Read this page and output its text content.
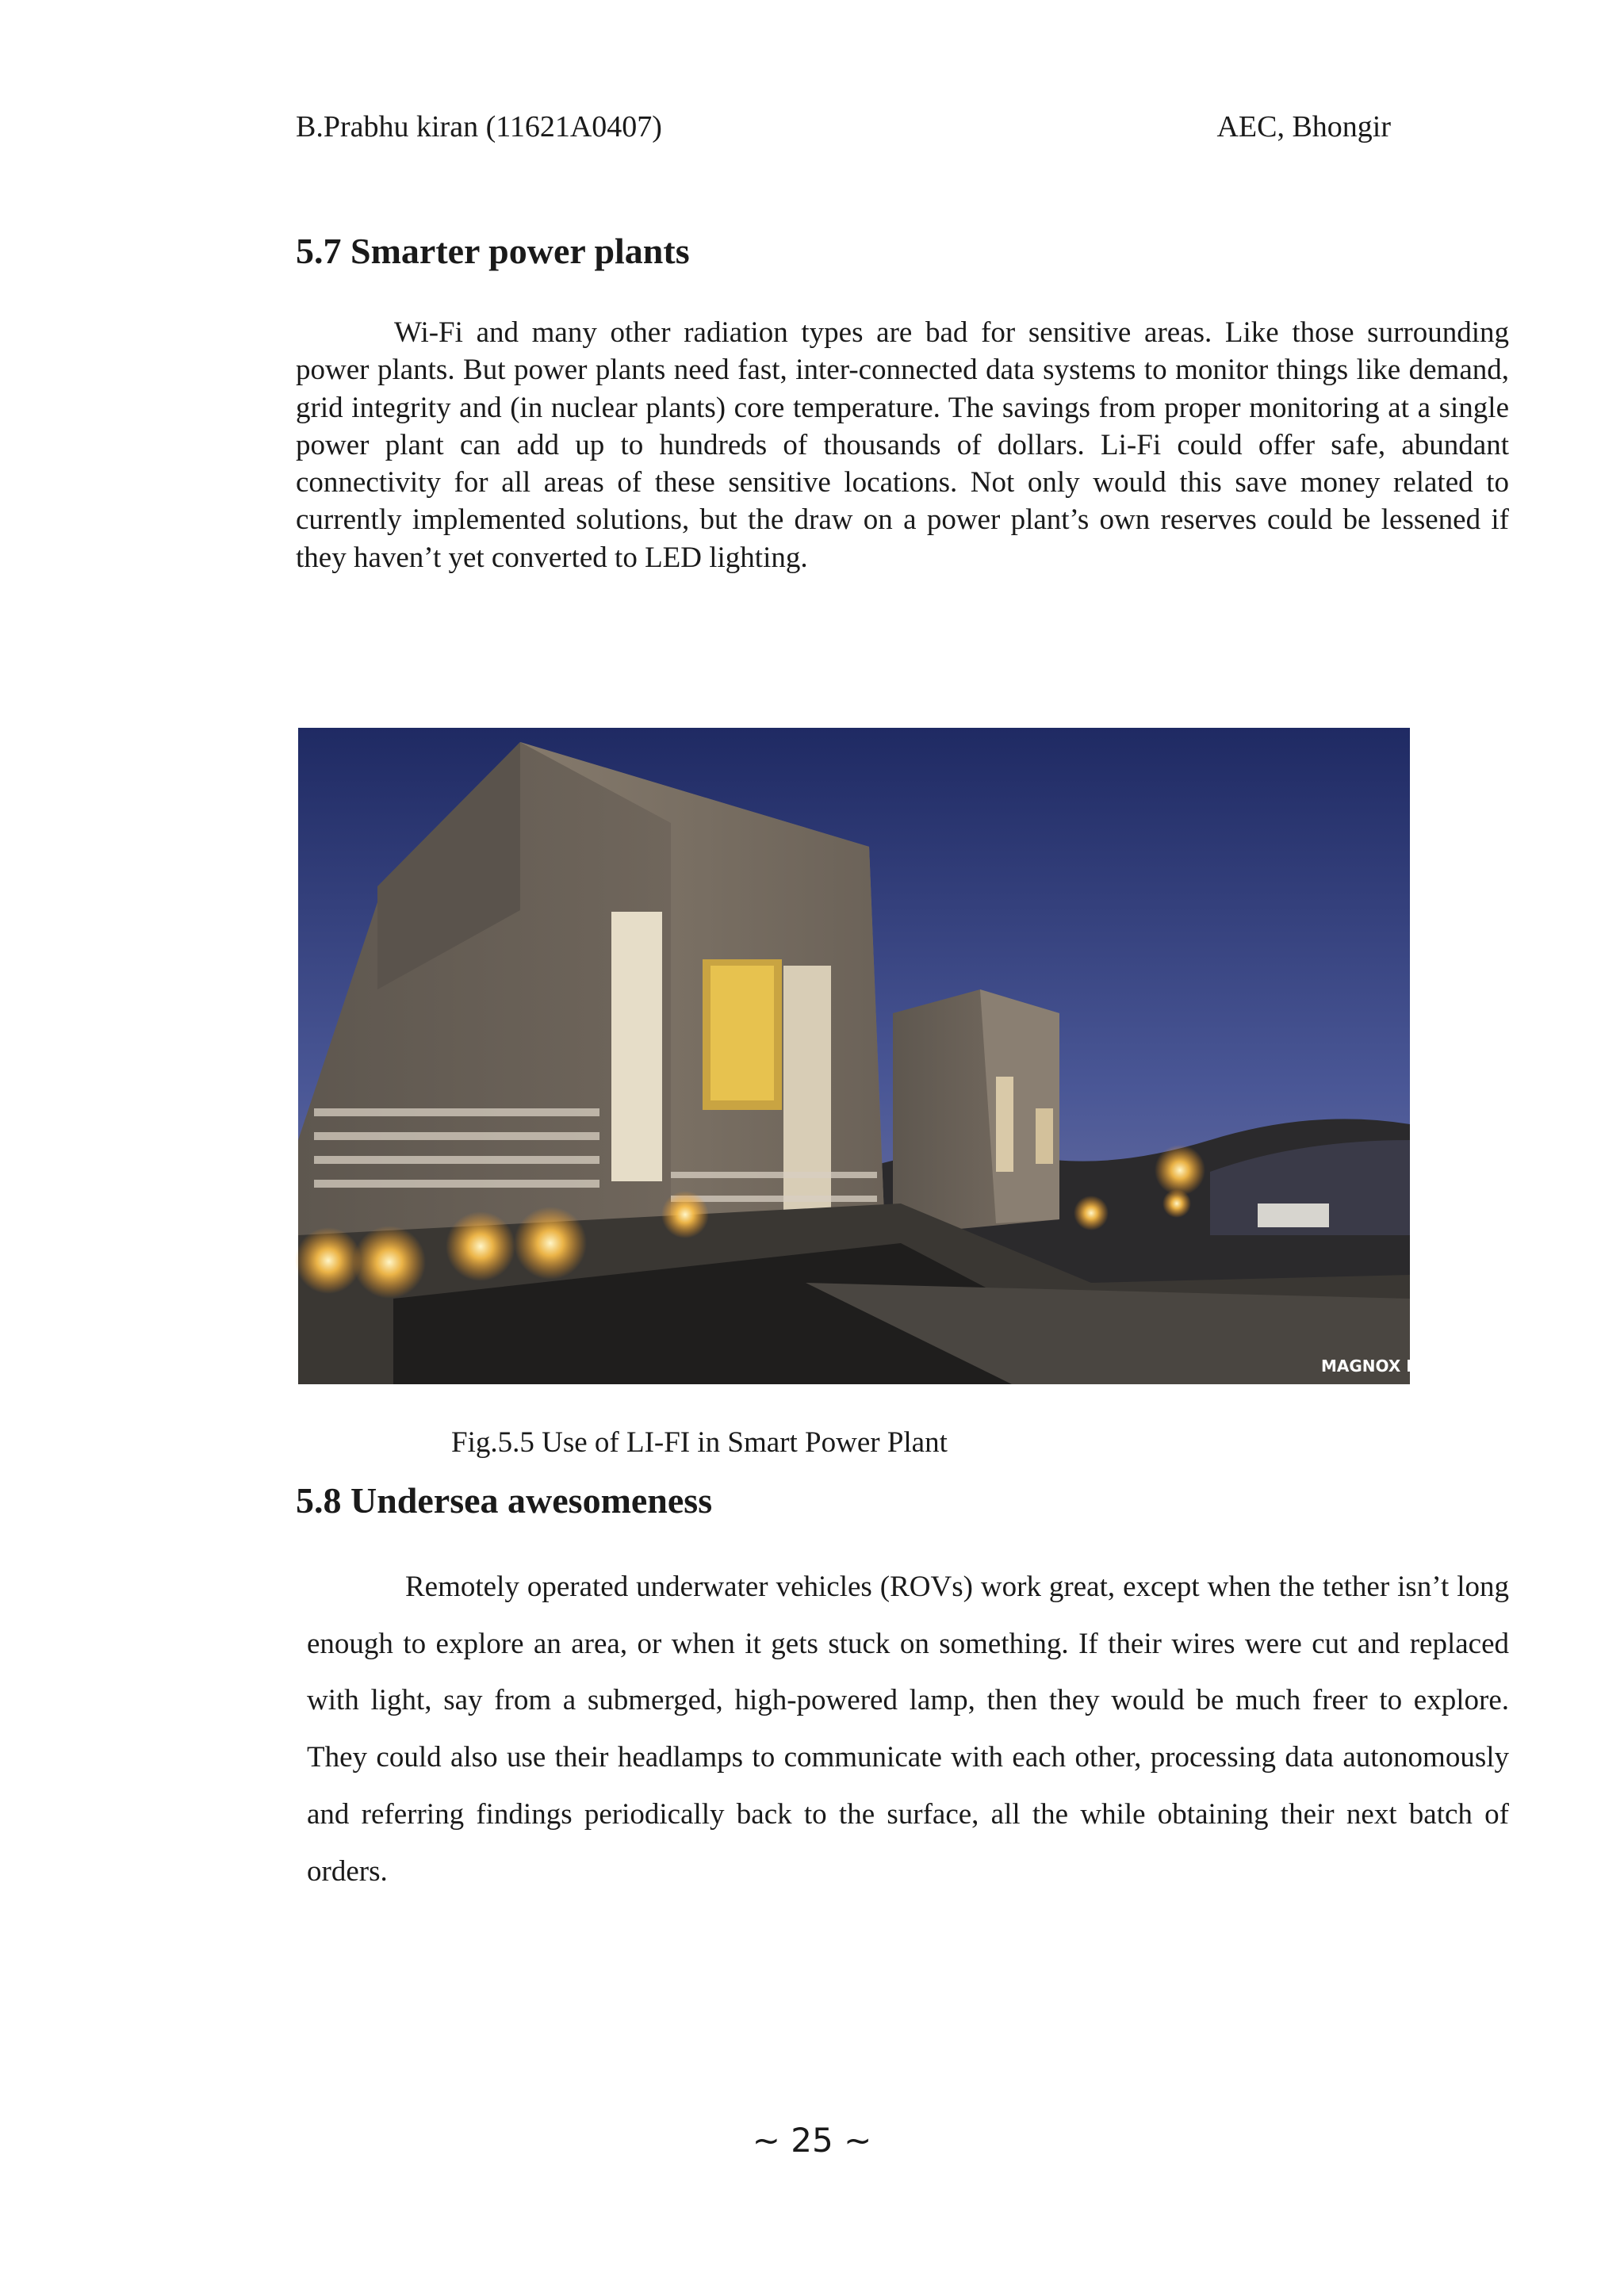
B.Prabhu kiran (11621A0407)	AEC, Bhongir
5.7 Smarter power plants

Wi-Fi and many other radiation types are bad for sensitive areas. Like those surrounding power plants. But power plants need fast, inter-connected data systems to monitor things like demand, grid integrity and (in nuclear plants) core temperature. The savings from proper monitoring at a single power plant can add up to hundreds of thousands of dollars. Li-Fi could offer safe, abundant connectivity for all areas of these sensitive locations. Not only would this save money related to currently implemented solutions, but the draw on a power plant’s own reserves could be lessened if they haven’t yet converted to LED lighting.

MAGNOX LTD
Fig.5.5 Use of LI-FI in Smart Power Plant
5.8 Undersea awesomeness

Remotely operated underwater vehicles (ROVs) work great, except when the tether isn’t long enough to explore an area, or when it gets stuck on something. If their wires were cut and replaced with light, say from a submerged, high-powered lamp, then they would be much freer to explore. They could also use their headlamps to communicate with each other, processing data autonomously and referring findings periodically back to the surface, all the while obtaining their next batch of orders.

~ 25 ~
